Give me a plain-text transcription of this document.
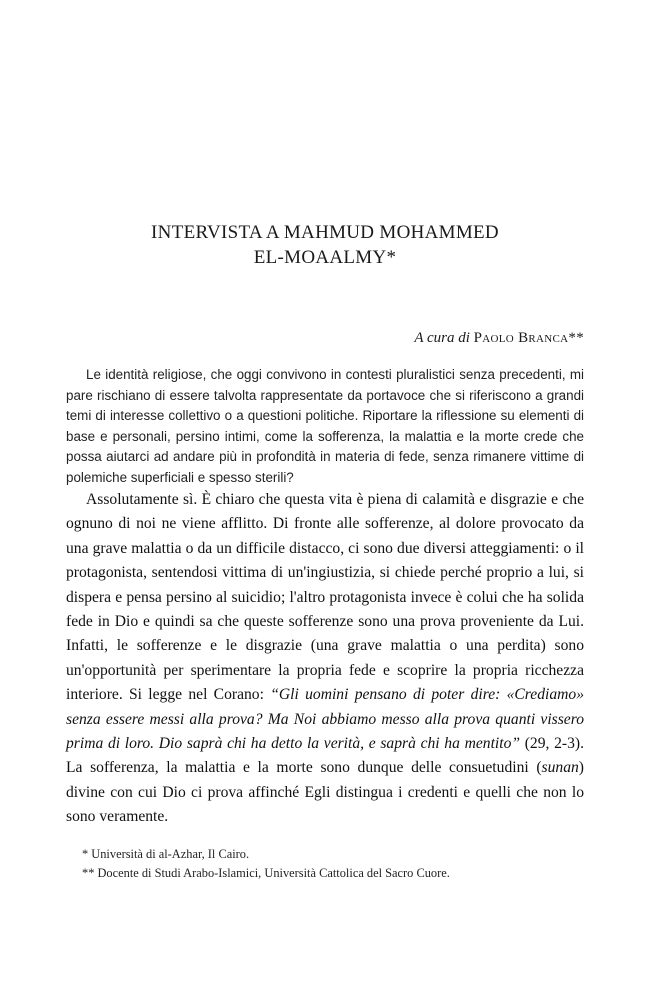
INTERVISTA A MAHMUD MOHAMMED
EL-MOAALMY*
A cura di Paolo Branca**

Le identità religiose, che oggi convivono in contesti pluralistici senza precedenti, mi pare rischiano di essere talvolta rappresentate da portavoce che si riferiscono a grandi temi di interesse collettivo o a questioni politiche. Riportare la riflessione su elementi di base e personali, persino intimi, come la sofferenza, la malattia e la morte crede che possa aiutarci ad andare più in profondità in materia di fede, senza rimanere vittime di polemiche superficiali e spesso sterili?

Assolutamente sì. È chiaro che questa vita è piena di calamità e disgrazie e che ognuno di noi ne viene afflitto. Di fronte alle sofferenze, al dolore provocato da una grave malattia o da un difficile distacco, ci sono due diversi atteggiamenti: o il protagonista, sentendosi vittima di un'ingiustizia, si chiede perché proprio a lui, si dispera e pensa persino al suicidio; l'altro protagonista invece è colui che ha solida fede in Dio e quindi sa che queste sofferenze sono una prova proveniente da Lui. Infatti, le sofferenze e le disgrazie (una grave malattia o una perdita) sono un'opportunità per sperimentare la propria fede e scoprire la propria ricchezza interiore. Si legge nel Corano: “Gli uomini pensano di poter dire: «Crediamo» senza essere messi alla prova? Ma Noi abbiamo messo alla prova quanti vissero prima di loro. Dio saprà chi ha detto la verità, e saprà chi ha mentito” (29, 2-3). La sofferenza, la malattia e la morte sono dunque delle consuetudini (sunan) divine con cui Dio ci prova affinché Egli distingua i credenti e quelli che non lo sono veramente.

* Università di al-Azhar, Il Cairo.
** Docente di Studi Arabo-Islamici, Università Cattolica del Sacro Cuore.
